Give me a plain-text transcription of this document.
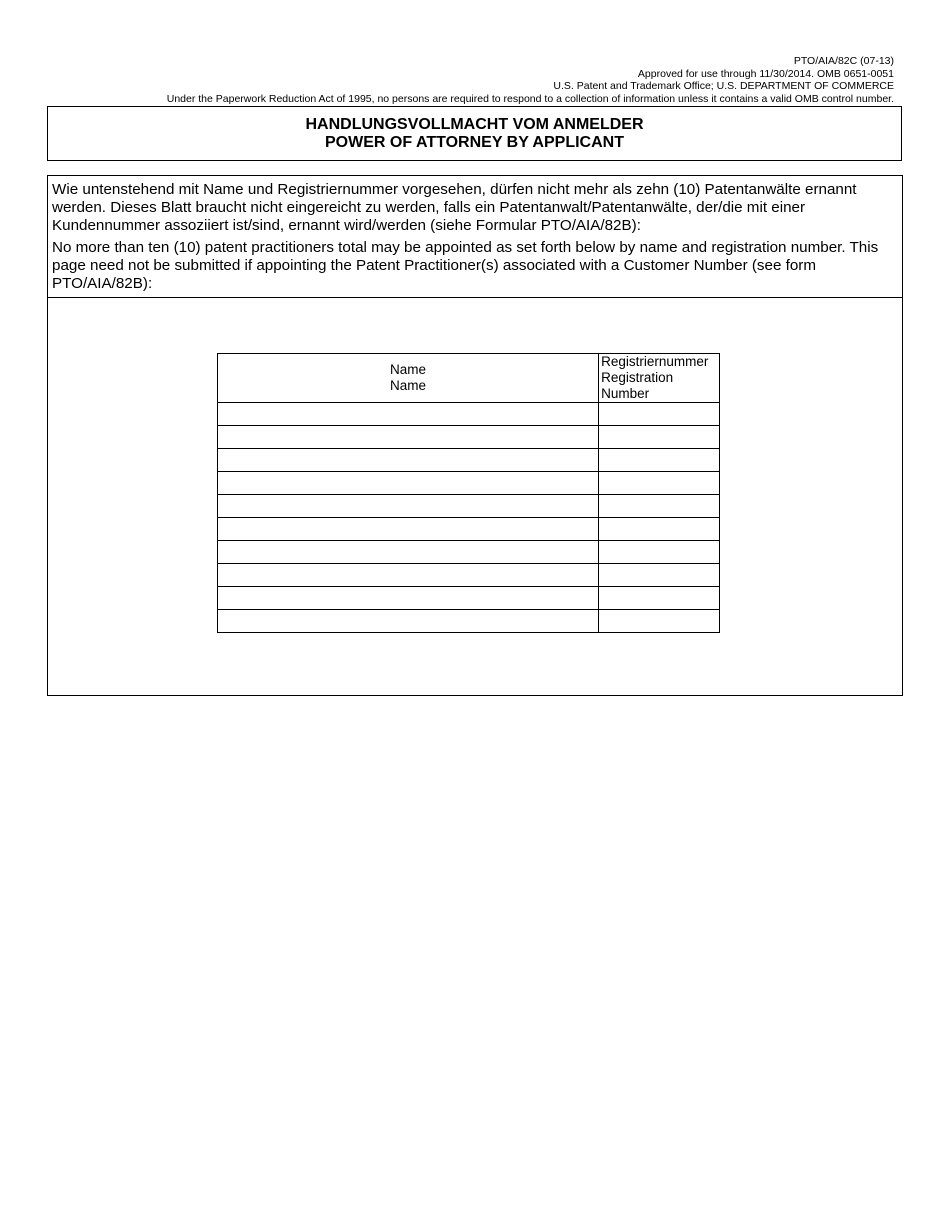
PTO/AIA/82C (07-13)
Approved for use through 11/30/2014. OMB 0651-0051
U.S. Patent and Trademark Office; U.S. DEPARTMENT OF COMMERCE
Under the Paperwork Reduction Act of 1995, no persons are required to respond to a collection of information unless it contains a valid OMB control number.
HANDLUNGSVOLLMACHT VOM ANMELDER
POWER OF ATTORNEY BY APPLICANT

Wie untenstehend mit Name und Registriernummer vorgesehen, dürfen nicht mehr als zehn (10) Patentanwälte ernannt werden. Dieses Blatt braucht nicht eingereicht zu werden, falls ein Patentanwalt/Patentanwälte, der/die mit einer Kundennummer assoziiert ist/sind, ernannt wird/werden (siehe Formular PTO/AIA/82B):

No more than ten (10) patent practitioners total may be appointed as set forth below by name and registration number. This page need not be submitted if appointing the Patent Practitioner(s) associated with a Customer Number (see form PTO/AIA/82B):

Name
Name	Registriernummer
Registration
Number
